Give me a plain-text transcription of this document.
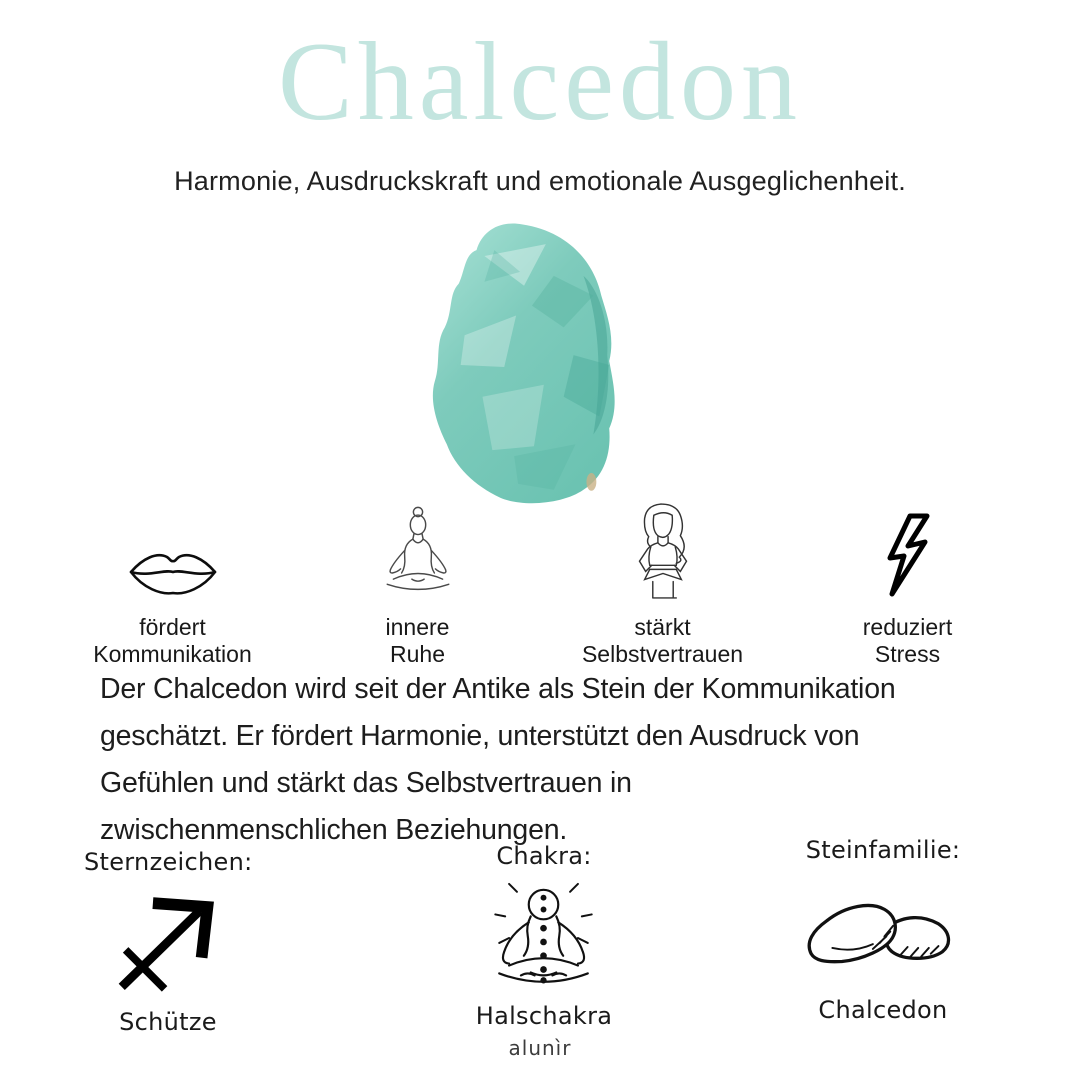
Chalcedon
Harmonie, Ausdruckskraft und emotionale Ausgeglichenheit.
fördert
Kommunikation
innere
Ruhe
stärkt
Selbstvertrauen
reduziert
Stress
Der Chalcedon wird seit der Antike als Stein der Kommunikation
geschätzt. Er fördert Harmonie, unterstützt den Ausdruck von
Gefühlen und stärkt das Selbstvertrauen in
zwischenmenschlichen Beziehungen.
Sternzeichen:
Schütze
Chakra:
Halschakra
Steinfamilie:
Chalcedon
alunìr
